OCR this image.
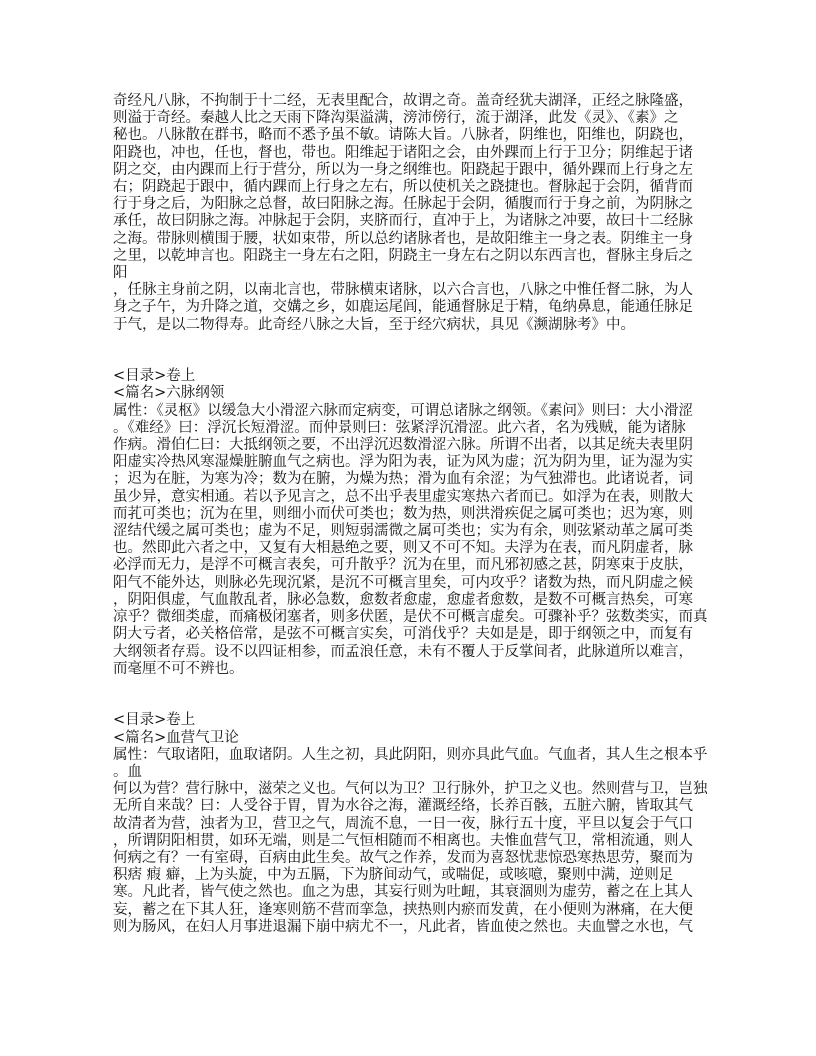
奇经凡八脉，不拘制于十二经，无表里配合，故谓之奇。盖奇经犹夫湖泽，正经之脉隆盛，
则溢于奇经。秦越人比之天雨下降沟渠溢满，滂沛傍行，流于湖泽，此发《灵》、《素》之
秘也。八脉散在群书，略而不悉予虽不敏。请陈大旨。八脉者，阴维也，阳维也，阴跷也，
阳跷也，冲也，任也，督也，带也。阳维起于诸阳之会，由外踝而上行于卫分；阴维起于诸
阴之交，由内踝而上行于营分，所以为一身之纲维也。阳跷起于跟中，循外踝而上行身之左
右；阴跷起于跟中，循内踝而上行身之左右，所以使机关之跷捷也。督脉起于会阴，循背而
行于身之后，为阳脉之总督，故曰阳脉之海。任脉起于会阴，循腹而行于身之前，为阴脉之
承任，故曰阴脉之海。冲脉起于会阴，夹脐而行，直冲于上，为诸脉之冲要，故曰十二经脉
之海。带脉则横围于腰，状如束带，所以总约诸脉者也，是故阳维主一身之表。阴维主一身
之里，以乾坤言也。阳跷主一身左右之阳，阴跷主一身左右之阴以东西言也，督脉主身后之
阳
，任脉主身前之阴，以南北言也，带脉横束诸脉，以六合言也，八脉之中惟任督二脉，为人
身之子午，为升降之道，交媾之乡，如鹿运尾闾，能通督脉足于精，龟纳鼻息，能通任脉足
于气，是以二物得寿。此奇经八脉之大旨，至于经穴病状，具见《濒湖脉考》中。

<目录>卷上
<篇名>六脉纲领
属性：《灵枢》以缓急大小滑涩六脉而定病变，可谓总诸脉之纲领。《素问》则曰：大小滑涩
。《难经》曰：浮沉长短滑涩。而仲景则曰：弦紧浮沉滑涩。此六者，名为残贼，能为诸脉
作病。滑伯仁曰：大抵纲领之要，不出浮沉迟数滑涩六脉。所谓不出者，以其足统夫表里阴
阳虚实冷热风寒湿燥脏腑血气之病也。浮为阳为表，证为风为虚；沉为阴为里，证为湿为实
；迟为在脏，为寒为冷；数为在腑，为燥为热；滑为血有余涩；为气独滞也。此诸说者，词
虽少异，意实相通。若以予见言之，总不出乎表里虚实寒热六者而已。如浮为在表，则散大
而芤可类也；沉为在里，则细小而伏可类也；数为热，则洪滑疾促之属可类也；迟为寒，则
涩结代缓之属可类也；虚为不足，则短弱濡微之属可类也；实为有余，则弦紧动革之属可类
也。然即此六者之中，又复有大相悬绝之要，则又不可不知。夫浮为在表，而凡阴虚者，脉
必浮而无力，是浮不可概言表矣，可升散乎？沉为在里，而凡邪初感之甚，阴寒束于皮肤，
阳气不能外达，则脉必先现沉紧，是沉不可概言里矣，可内攻乎？诸数为热，而凡阴虚之候
，阴阳俱虚，气血散乱者，脉必急数，愈数者愈虚，愈虚者愈数，是数不可概言热矣，可寒
凉乎？微细类虚，而痛极闭塞者，则多伏匿，是伏不可概言虚矣。可骤补乎？弦数类实，而真
阴大亏者，必关格倍常，是弦不可概言实矣，可消伐乎？夫如是是，即于纲领之中，而复有
大纲领者存焉。设不以四证相参，而孟浪任意，未有不覆人于反掌间者，此脉道所以难言，
而毫厘不可不辨也。

<目录>卷上
<篇名>血营气卫论
属性：气取诸阳，血取诸阴。人生之初，具此阴阳，则亦具此气血。气血者，其人生之根本乎
。血
何以为营？营行脉中，滋荣之义也。气何以为卫？卫行脉外，护卫之义也。然则营与卫，岂独
无所自来哉？曰：人受谷于胃，胃为水谷之海，灌溉经络，长养百骸，五脏六腑，皆取其气
故清者为营，浊者为卫，营卫之气，周流不息，一日一夜，脉行五十度，平旦以复会于气口
，所谓阴阳相贯，如环无端，则是二气恒相随而不相离也。夫惟血营气卫，常相流通，则人
何病之有？一有室碍，百病由此生矣。故气之作养，发而为喜怒忧悲惊恐寒热思劳，聚而为
积痞 瘕 癖，上为头旋，中为五膈，下为脐间动气，或喘促，或咳噫，聚则中满，逆则足
寒。凡此者，皆气使之然也。血之为患，其妄行则为吐衄，其衰涸则为虚劳，蓄之在上其人
妄，蓄之在下其人狂，逢寒则筋不营而挛急，挟热则内瘀而发黄，在小便则为淋痛，在大便
则为肠风，在妇人月事进退漏下崩中病尤不一，凡此者，皆血使之然也。夫血譬之水也，气
